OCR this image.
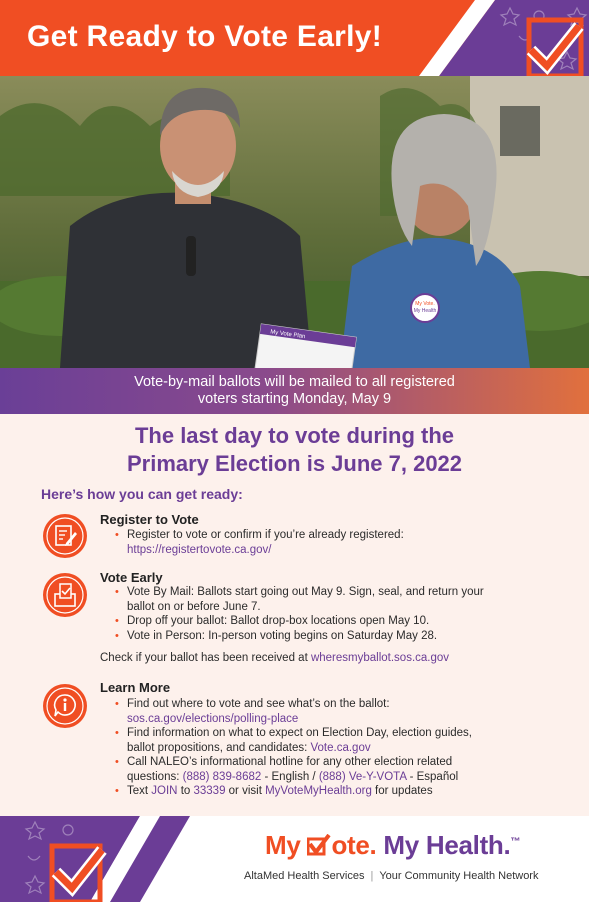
Get Ready to Vote Early!
My Vote.
My Health
My Vote Plan
Vote-by-mail ballots will be mailed to all registered
voters starting Monday, May 9
The last day to vote during the
Primary Election is June 7, 2022
Here’s how you can get ready:
Register to Vote
• Register to vote or confirm if you’re already registered:
https://registertovote.ca.gov/
Vote Early
• Vote By Mail: Ballots start going out May 9. Sign, seal, and return your
ballot on or before June 7.
• Drop off your ballot: Ballot drop-box locations open May 10.
• Vote in Person: In-person voting begins on Saturday May 28.
Check if your ballot has been received at wheresmyballot.sos.ca.gov
Learn More
• Find out where to vote and see what’s on the ballot:
sos.ca.gov/elections/polling-place
• Find information on what to expect on Election Day, election guides,
ballot propositions, and candidates: Vote.ca.gov
• Call NALEO’s informational hotline for any other election related
questions: (888) 839-8682 - English / (888) Ve-Y-VOTA - Español
• Text JOIN to 33339 or visit MyVoteMyHealth.org for updates
My ote. My Health.™
AltaMed Health Services | Your Community Health Network
